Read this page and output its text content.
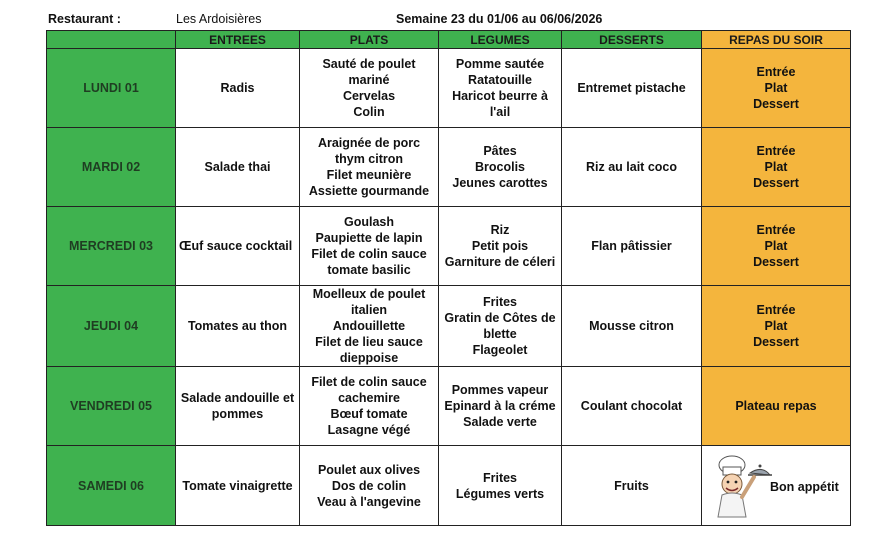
Restaurant :	Les Ardoisières	Semaine 23 du 01/06 au 06/06/2026
	ENTREES	PLATS	LEGUMES	DESSERTS	REPAS DU SOIR
LUNDI 01	Radis	Sauté de poulet
mariné
Cervelas
Colin	Pomme sautée
Ratatouille
Haricot beurre à
l'ail	Entremet pistache	Entrée
Plat
Dessert

MARDI 02	Salade thai	Araignée de porc
thym citron
Filet meunière
Assiette gourmande	Pâtes
Brocolis
Jeunes carottes	Riz au lait coco	Entrée
Plat
Dessert

MERCREDI 03	Œuf sauce cocktail	Goulash
Paupiette de lapin
Filet de colin sauce
tomate basilic	Riz
Petit pois
Garniture de céleri	Flan pâtissier	Entrée
Plat
Dessert

JEUDI 04	Tomates au thon	Moelleux de poulet
italien
Andouillette
Filet de lieu sauce
dieppoise	Frites
Gratin de Côtes de
blette
Flageolet	Mousse citron	Entrée
Plat
Dessert

VENDREDI 05	Salade andouille et
pommes	Filet de colin sauce
cachemire
Bœuf tomate
Lasagne végé	Pommes vapeur
Epinard à la créme
Salade verte	Coulant chocolat	Plateau repas

SAMEDI 06	Tomate vinaigrette	Poulet aux olives
Dos de colin
Veau à l'angevine	Frites
Légumes verts	Fruits	Bon appétit
